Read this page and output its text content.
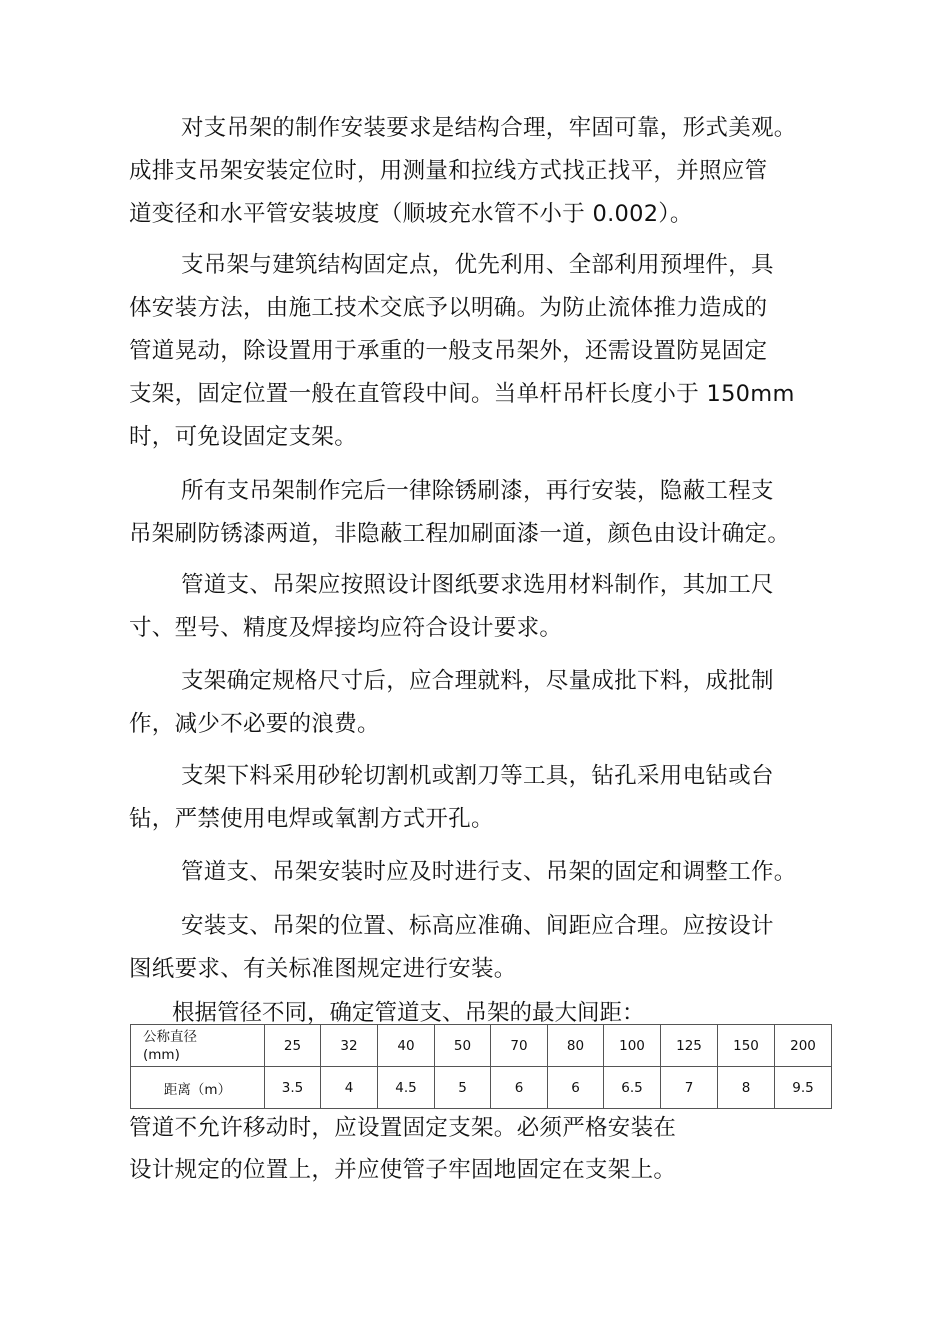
对支吊架的制作安装要求是结构合理，牢固可靠，形式美观。
成排支吊架安装定位时，用测量和拉线方式找正找平，并照应管
道变径和水平管安装坡度（顺坡充水管不小于 0.002）。
支吊架与建筑结构固定点，优先利用、全部利用预埋件，具
体安装方法，由施工技术交底予以明确。为防止流体推力造成的
管道晃动，除设置用于承重的一般支吊架外，还需设置防晃固定
支架，固定位置一般在直管段中间。当单杆吊杆长度小于 150mm
时，可免设固定支架。
所有支吊架制作完后一律除锈刷漆，再行安装，隐蔽工程支
吊架刷防锈漆两道，非隐蔽工程加刷面漆一道，颜色由设计确定。
管道支、吊架应按照设计图纸要求选用材料制作，其加工尺
寸、型号、精度及焊接均应符合设计要求。
支架确定规格尺寸后，应合理就料，尽量成批下料，成批制
作，减少不必要的浪费。
支架下料采用砂轮切割机或割刀等工具，钻孔采用电钻或台
钻，严禁使用电焊或氧割方式开孔。
管道支、吊架安装时应及时进行支、吊架的固定和调整工作。
安装支、吊架的位置、标高应准确、间距应合理。应按设计
图纸要求、有关标准图规定进行安装。
根据管径不同，确定管道支、吊架的最大间距：
公称直径
(mm)	25	32	40	50	70	80	100	125	150	200
距离（m）	3.5	4	4.5	5	6	6	6.5	7	8	9.5
管道不允许移动时，应设置固定支架。必须严格安装在
设计规定的位置上，并应使管子牢固地固定在支架上。
